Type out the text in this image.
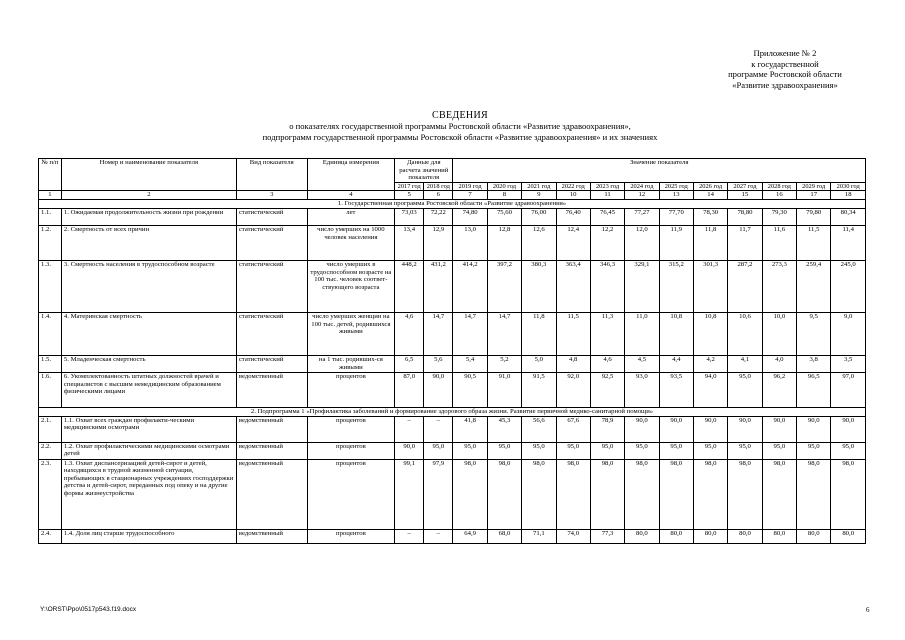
Приложение № 2
к государственной
программе Ростовской области
«Развитие здравоохранения»
СВЕДЕНИЯ
о показателях государственной программы Ростовской области «Развитие здравоохранения»,
подпрограмм государственной программы Ростовской области «Развитие здравоохранения» и их значениях
№ п/п	Номер и наименование показателя	Вид показателя	Единица измерения	Данные для расчета значений показателя		Значение показателя											
				2017 год	2018 год	2019 год	2020 год	2021 год	2022 год	2023 год	2024 год	2025 год	2026 год	2027 год	2028 год	2029 год	2030 год
1	2	3	4	5	6	7	8	9	10	11	12	13	14	15	16	17	18
1. Государственная программа Ростовской области «Развитие здравоохранения»																	
1.1.	1. Ожидаемая продолжительность жизни при рождении	статистический	лет	73,03	72,22	74,80	75,60	76,00	76,40	76,45	77,27	77,70	78,30	78,80	79,30	79,80	80,34
1.2.	2. Смертность от всех причин	статистический	число умерших на 1000 человек населения	13,4	12,9	13,0	12,8	12,6	12,4	12,2	12,0	11,9	11,8	11,7	11,6	11,5	11,4
1.3.	3. Смертность населения в трудоспособном возрасте	статистический	число умерших в трудоспособном возрасте на 100 тыс. человек соответ-ствующего возраста	448,2	431,2	414,2	397,2	380,3	363,4	346,3	329,1	315,2	301,3	287,2	273,3	259,4	245,0
1.4.	4. Материнская смертность	статистический	число умерших женщин на 100 тыс. детей, родившихся живыми	4,6	14,7	14,7	14,7	11,8	11,5	11,3	11,0	10,8	10,8	10,6	10,0	9,5	9,0
1.5.	5. Младенческая смертность	статистический	на 1 тыс. родивших-ся живыми	6,5	5,6	5,4	5,2	5,0	4,8	4,6	4,5	4,4	4,2	4,1	4,0	3,8	3,5
1.6.	6. Укомплектованность штатных должностей врачей и специалистов с высшим немедицинским образованием физическими лицами	ведомственный	процентов	87,0	90,0	90,5	91,0	91,5	92,0	92,5	93,0	93,5	94,0	95,0	96,2	96,5	97,0
2. Подпрограмма 1 «Профилактика заболеваний и формирование здорового образа жизни. Развитие первичной медико-санитарной помощи»																	
2.1.	1.1. Охват всех граждан профилакти-ческими медицинскими осмотрами	ведомственный	процентов	–	–	41,8	45,3	56,6	67,6	78,9	90,0	90,0	90,0	90,0	90,0	90,0	90,0
2.2.	1.2. Охват профилактическими медицинскими осмотрами детей	ведомственный	процентов	90,0	95,0	95,0	95,0	95,0	95,0	95,0	95,0	95,0	95,0	95,0	95,0	95,0	95,0
2.3.	1.3. Охват диспансеризацией детей-сирот и детей, находящихся в трудной жизненной ситуации, пребывающих в стационарных учреждениях господдержки детства и детей-сирот, переданных под опеку и на другие формы жизнеустройства	ведомственный	процентов	99,1	97,9	98,0	98,0	98,0	98,0	98,0	98,0	98,0	98,0	98,0	98,0	98,0	98,0
2.4.	1.4. Доля лиц старше трудоспособного	ведомственный	процентов	–	–	64,9	68,0	71,1	74,0	77,3	80,0	80,0	80,0	80,0	80,0	80,0	80,0
Y:\ORST\Ppo\0517p543.f19.docx	6
